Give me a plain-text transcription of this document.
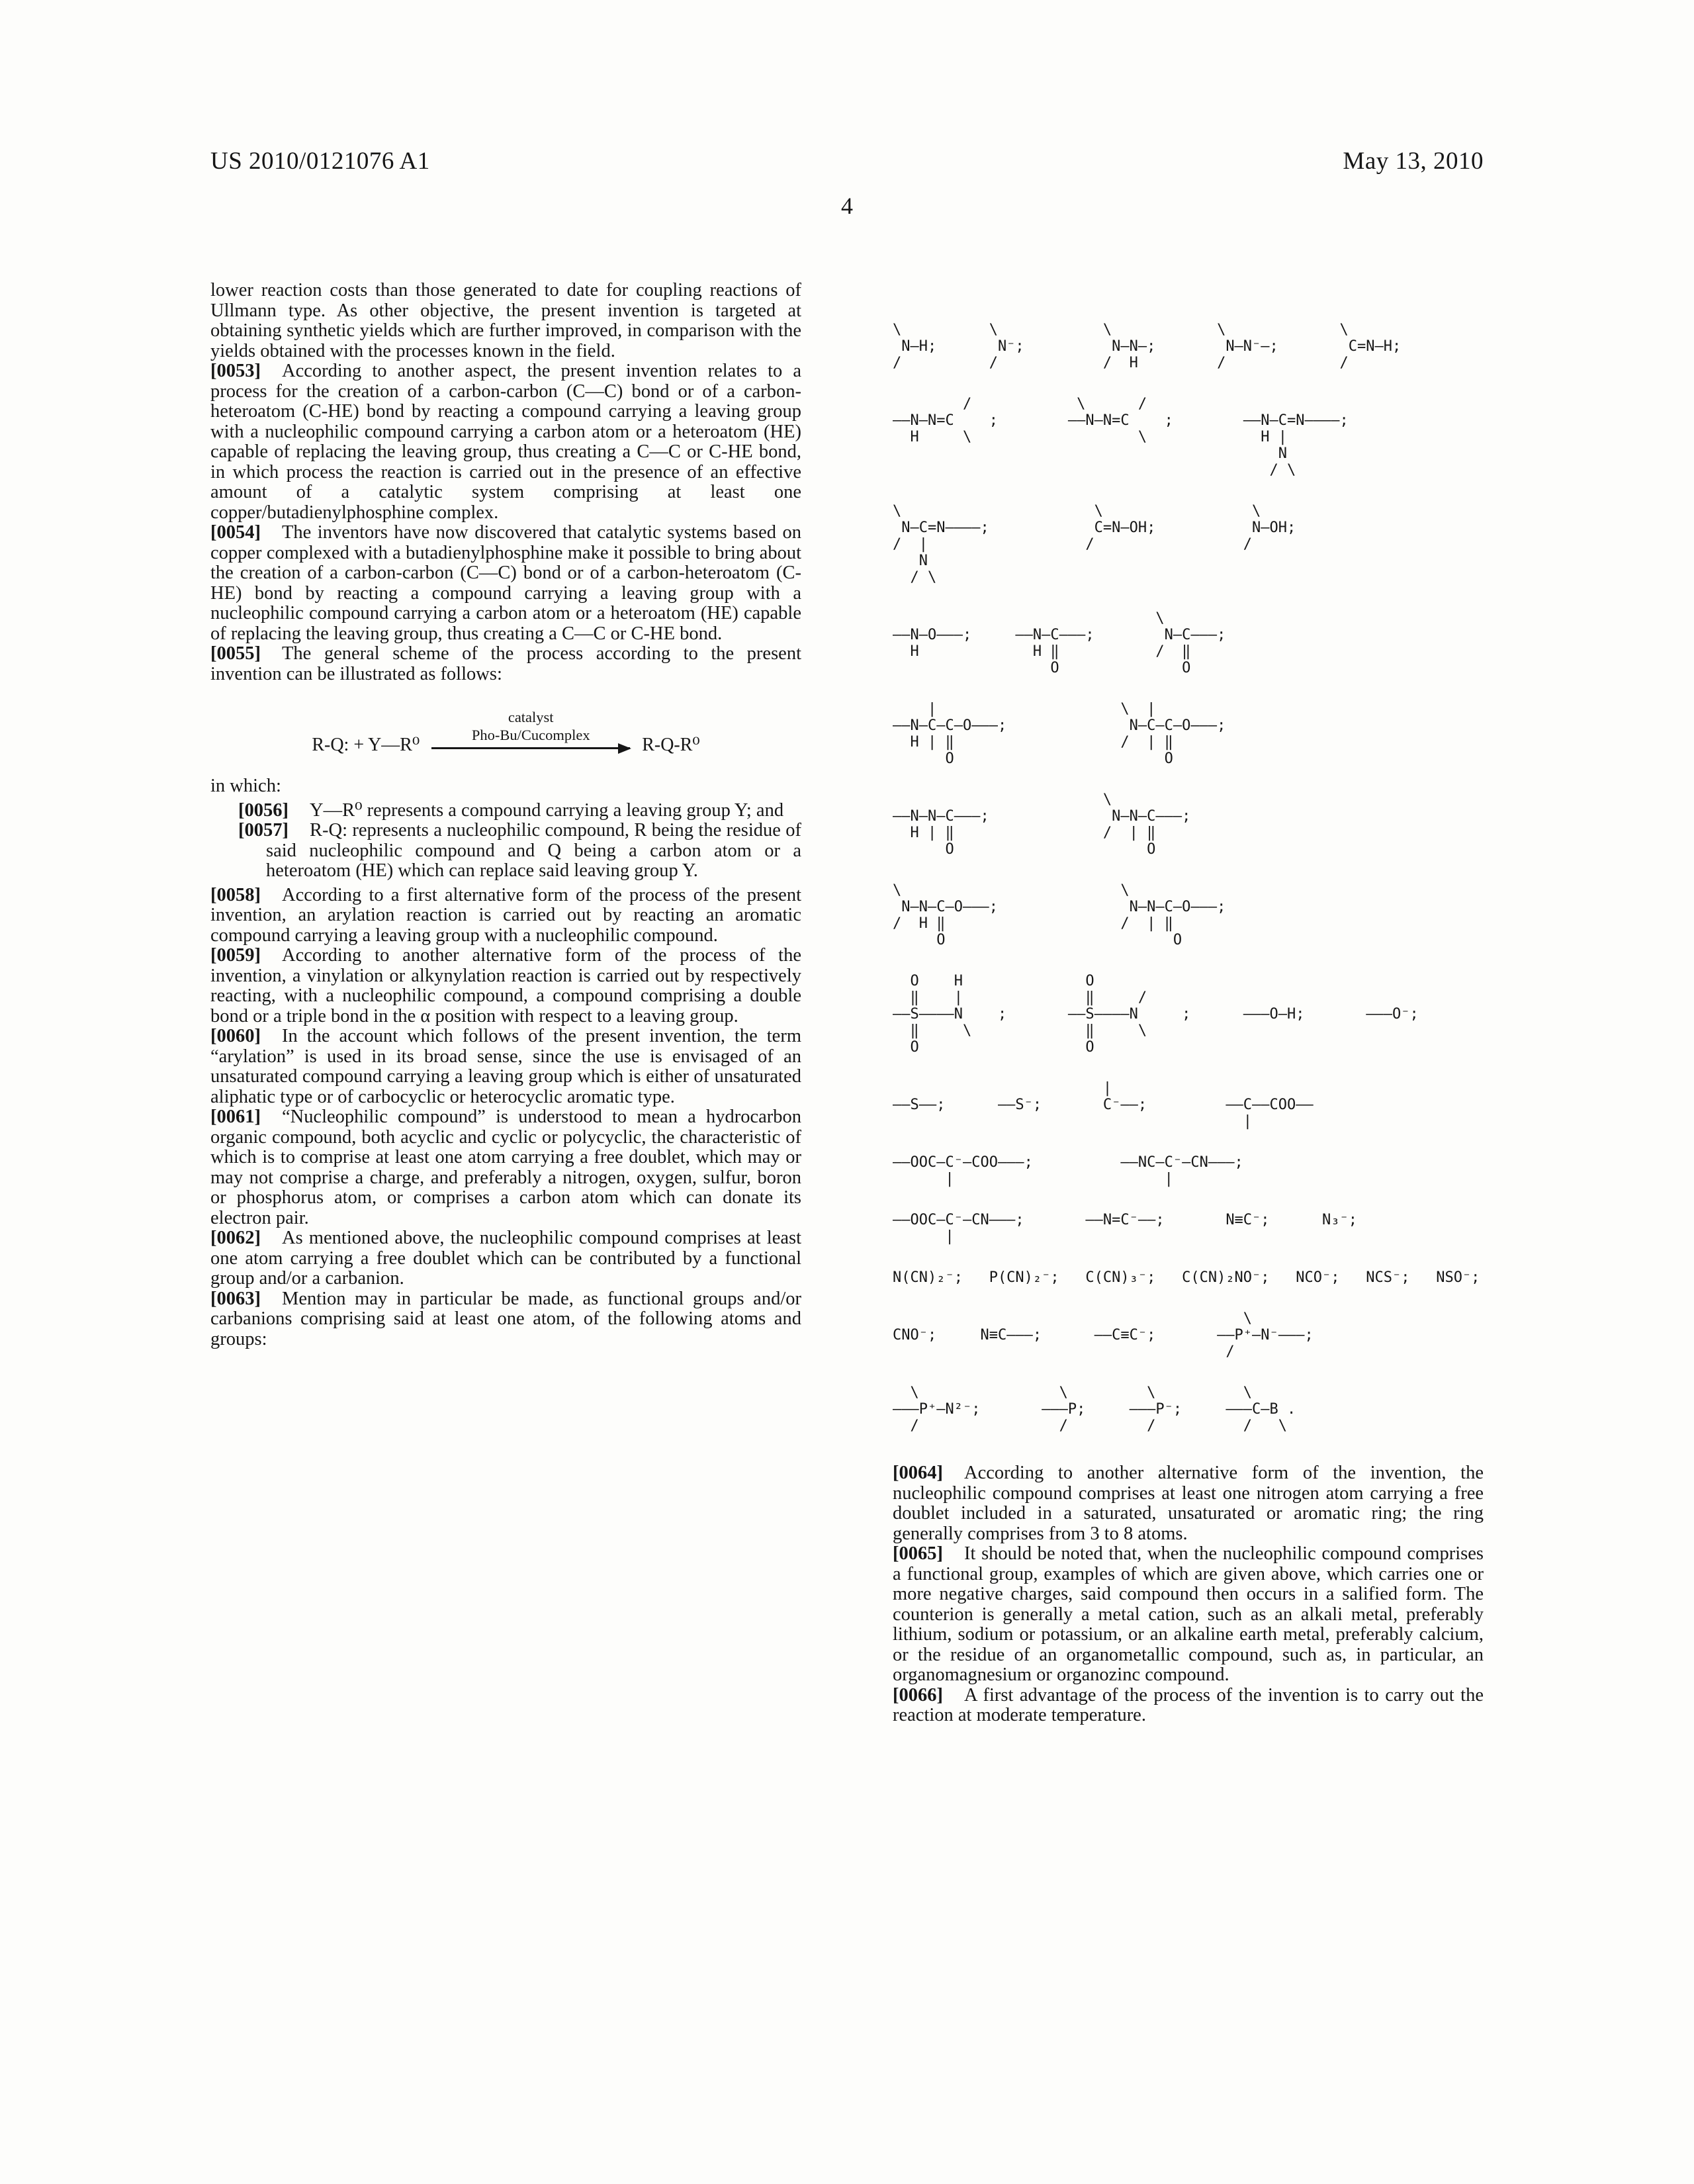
US 2010/0121076 A1	May 13, 2010
4

lower reaction costs than those generated to date for coupling reactions of Ullmann type. As other objective, the present invention is targeted at obtaining synthetic yields which are further improved, in comparison with the yields obtained with the processes known in the field.

[0053] According to another aspect, the present invention relates to a process for the creation of a carbon-carbon (C—C) bond or of a carbon-heteroatom (C-HE) bond by reacting a compound carrying a leaving group with a nucleophilic compound carrying a carbon atom or a heteroatom (HE) capable of replacing the leaving group, thus creating a C—C or C-HE bond, in which process the reaction is carried out in the presence of an effective amount of a catalytic system comprising at least one copper/butadienylphosphine complex.

[0054] The inventors have now discovered that catalytic systems based on copper complexed with a butadienylphosphine make it possible to bring about the creation of a carbon-carbon (C—C) bond or of a carbon-heteroatom (C-HE) bond by reacting a compound carrying a leaving group with a nucleophilic compound carrying a carbon atom or a heteroatom (HE) capable of replacing the leaving group, thus creating a C—C or C-HE bond.

[0055] The general scheme of the process according to the present invention can be illustrated as follows:

R-Q: + Y—R⁰
catalyst
Pho-Bu/Cucomplex	R-Q-R⁰

in which:

[0056] Y—R⁰ represents a compound carrying a leaving group Y; and

[0057] R-Q: represents a nucleophilic compound, R being the residue of said nucleophilic compound and Q being a carbon atom or a heteroatom (HE) which can replace said leaving group Y.

[0058] According to a first alternative form of the process of the present invention, an arylation reaction is carried out by reacting an aromatic compound carrying a leaving group with a nucleophilic compound.

[0059] According to another alternative form of the process of the invention, a vinylation or alkynylation reaction is carried out by respectively reacting, with a nucleophilic compound, a compound comprising a double bond or a triple bond in the α position with respect to a leaving group.

[0060] In the account which follows of the present invention, the term “arylation” is used in its broad sense, since the use is envisaged of an unsaturated compound carrying a leaving group which is either of unsaturated aliphatic type or of carbocyclic or heterocyclic aromatic type.

[0061] “Nucleophilic compound” is understood to mean a hydrocarbon organic compound, both acyclic and cyclic or polycyclic, the characteristic of which is to comprise at least one atom carrying a free doublet, which may or may not comprise a charge, and preferably a nitrogen, oxygen, sulfur, boron or phosphorus atom, or comprises a carbon atom which can donate its electron pair.

[0062] As mentioned above, the nucleophilic compound comprises at least one atom carrying a free doublet which can be contributed by a functional group and/or a carbanion.

[0063] Mention may in particular be made, as functional groups and/or carbanions comprising said at least one atom, of the following atoms and groups:

\          \            \            \             \
N—H;       N⁻;          N—N—;        N—N⁻—;        C=N—H;
/          /            /  H         /             /
/            \      /
——N—N=C    ;        ——N—N=C    ;        ——N—C=N————;
H     \                   \             H |
N
/ \
\                      \                 \
N—C=N————;            C=N—OH;           N—OH;
/  |                  /                 /
N
/ \
\
——N—O———;     ——N—C———;        N—C———;
H             H ‖           /  ‖
O              O
|                     \  |
——N—C—C—O———;              N—C—C—O———;
H | ‖                   /  | ‖
O                        O
\
——N—N—C———;              N—N—C———;
H | ‖                 /  | ‖
O                      O
\                         \
N—N—C—O———;               N—N—C—O———;
/  H ‖                    /  | ‖
O                          O
O    H              O
‖    |              ‖     /
——S————N    ;       ——S————N     ;      ———O—H;       ———O⁻;
‖     \             ‖     \
O                   O
|
——S——;      ——S⁻;       C⁻——;         ——C——COO——
|
——OOC—C⁻—COO———;          ——NC—C⁻—CN———;
|                        |
——OOC—C⁻—CN———;       ——N=C⁻——;       N≡C⁻;      N₃⁻;
|
N(CN)₂⁻;   P(CN)₂⁻;   C(CN)₃⁻;   C(CN)₂NO⁻;   NCO⁻;   NCS⁻;   NSO⁻;
\
CNO⁻;     N≡C———;      ——C≡C⁻;       ——P⁺—N⁻———;
/
\                \         \          \
———P⁺—N²⁻;       ———P;     ———P⁻;     ———C—B .
/                /         /          /   \

[0064] According to another alternative form of the invention, the nucleophilic compound comprises at least one nitrogen atom carrying a free doublet included in a saturated, unsaturated or aromatic ring; the ring generally comprises from 3 to 8 atoms.

[0065] It should be noted that, when the nucleophilic compound comprises a functional group, examples of which are given above, which carries one or more negative charges, said compound then occurs in a salified form. The counterion is generally a metal cation, such as an alkali metal, preferably lithium, sodium or potassium, or an alkaline earth metal, preferably calcium, or the residue of an organometallic compound, such as, in particular, an organomagnesium or organozinc compound.

[0066] A first advantage of the process of the invention is to carry out the reaction at moderate temperature.
